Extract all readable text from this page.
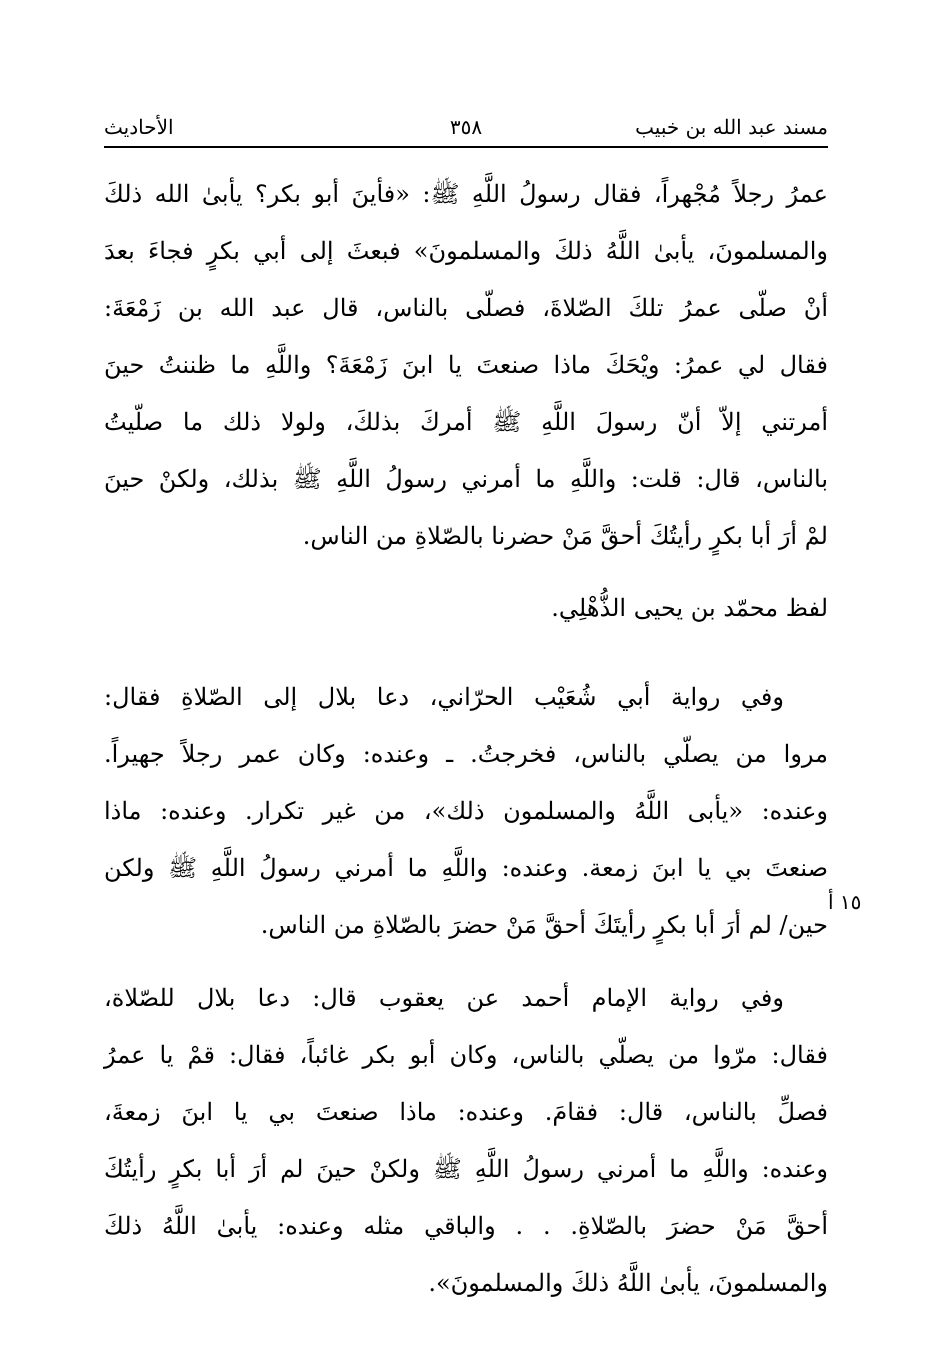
مسند عبد الله بن خبيب
٣٥٨
الأحاديث
عمرُ رجلاً مُجْهراً، فقال رسولُ اللَّهِ ﷺ: «فأينَ أبو بكر؟ يأبىٰ الله ذلكَ
والمسلمونَ، يأبىٰ اللَّهُ ذلكَ والمسلمونَ» فبعثَ إلى أبي بكرٍ فجاءَ بعدَ
أنْ صلّى عمرُ تلكَ الصّلاةَ، فصلّى بالناس، قال عبد الله بن زَمْعَةَ:
فقال لي عمرُ: ويْحَكَ ماذا صنعتَ يا ابنَ زَمْعَةَ؟ واللَّهِ ما ظننتُ حينَ
أمرتني إلاّ أنّ رسولَ اللَّهِ ﷺ أمركَ بذلكَ، ولولا ذلك ما صلّيتُ
بالناس، قال: قلت: واللَّهِ ما أمرني رسولُ اللَّهِ ﷺ بذلك، ولكنْ حينَ
لمْ أرَ أبا بكرٍ رأيتُكَ أحقَّ مَنْ حضرنا بالصّلاةِ من الناس.
لفظ محمّد بن يحيى الذُّهْلِي.
وفي رواية أبي شُعَيْب الحرّاني، دعا بلال إلى الصّلاةِ فقال:
مروا من يصلّي بالناس، فخرجتُ. ـ وعنده: وكان عمر رجلاً جهيراً.
وعنده: «يأبى اللَّهُ والمسلمون ذلك»، من غير تكرار. وعنده: ماذا
صنعتَ بي يا ابنَ زمعة. وعنده: واللَّهِ ما أمرني رسولُ اللَّهِ ﷺ ولكن
حين/ لم أرَ أبا بكرٍ رأيتَكَ أحقَّ مَنْ حضرَ بالصّلاةِ من الناس.
١٥ أ
وفي رواية الإمام أحمد عن يعقوب قال: دعا بلال للصّلاة،
فقال: مرّوا من يصلّي بالناس، وكان أبو بكر غائباً، فقال: قمْ يا عمرُ
فصلِّ بالناس، قال: فقامَ. وعنده: ماذا صنعتَ بي يا ابنَ زمعةَ،
وعنده: واللَّهِ ما أمرني رسولُ اللَّهِ ﷺ ولكنْ حينَ لم أرَ أبا بكرٍ رأيتُكَ
أحقَّ مَنْ حضرَ بالصّلاةِ. . . والباقي مثله وعنده: يأبىٰ اللَّهُ ذلكَ
والمسلمونَ، يأبىٰ اللَّهُ ذلكَ والمسلمونَ».
